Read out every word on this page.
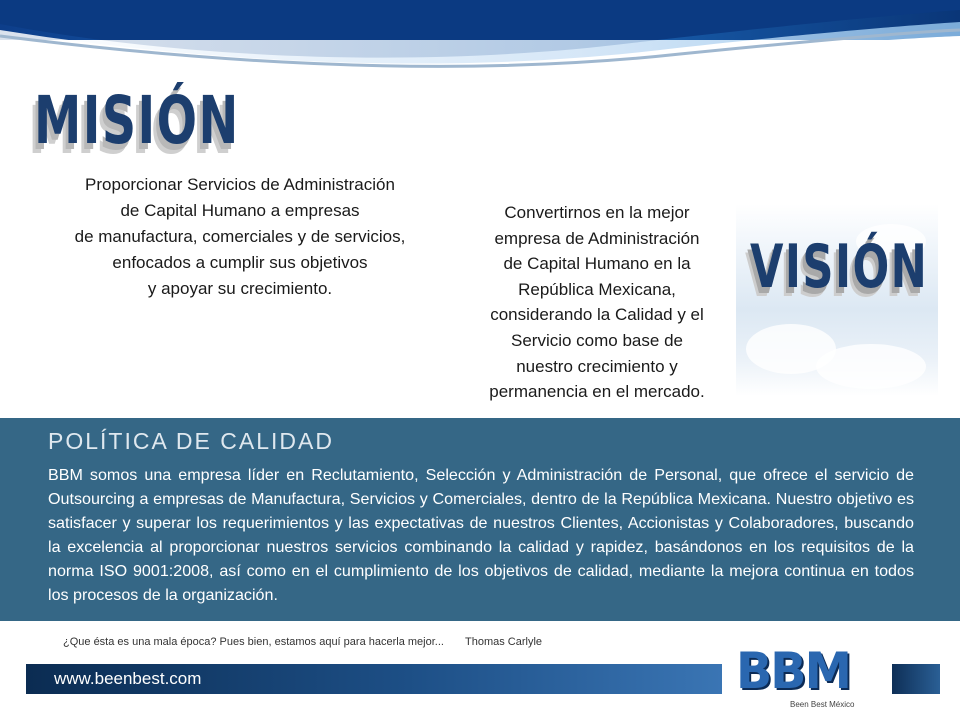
MISIÓN
Proporcionar Servicios de Administración
de Capital Humano a empresas
de manufactura, comerciales y de servicios,
enfocados a cumplir sus objetivos
y apoyar su crecimiento.
Convertirnos en la mejor
empresa de Administración
de Capital Humano en la
República Mexicana,
considerando la Calidad y el
Servicio como base de
nuestro crecimiento y
permanencia en el mercado.
VISIÓN
POLÍTICA DE CALIDAD
BBM somos una empresa líder en Reclutamiento, Selección y Administración de Personal, que ofrece el servicio de Outsourcing a empresas de Manufactura, Servicios y Comerciales, dentro de la República Mexicana. Nuestro objetivo es satisfacer y superar los requerimientos y las expectativas de nuestros Clientes, Accionistas y Colaboradores, buscando la excelencia al proporcionar nuestros servicios combinando la calidad y rapidez, basándonos en los requisitos de la norma ISO 9001:2008, así como en el cumplimiento de los objetivos de calidad, mediante la mejora continua en todos los procesos de la organización.
¿Que ésta es una mala época? Pues bien, estamos aquí para hacerla mejor... Thomas Carlyle
www.beenbest.com	BBM
Been Best México
